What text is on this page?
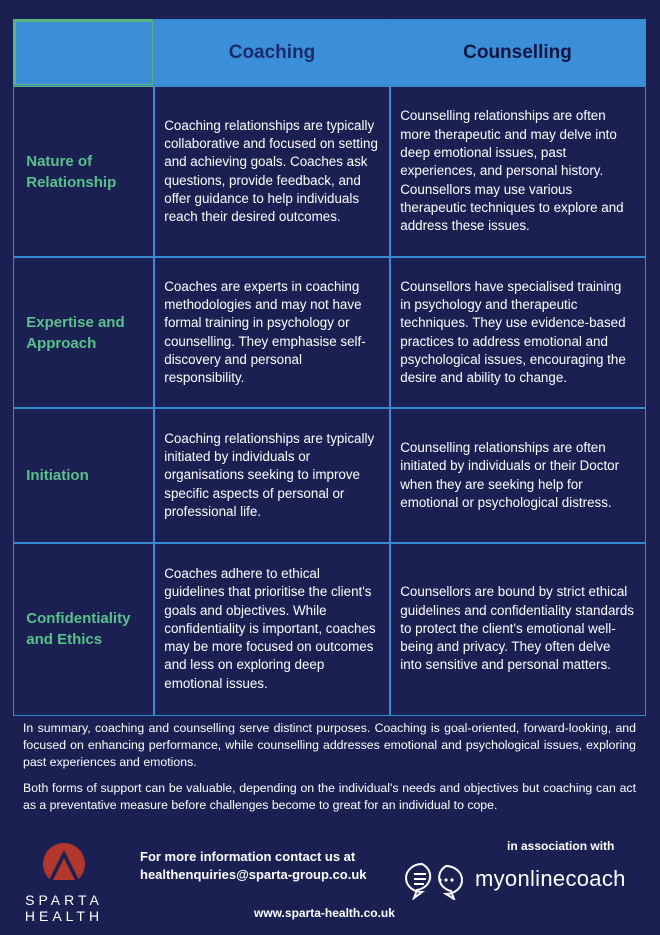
Coaching	Counselling
Nature of Relationship
Coaching relationships are typically collaborative and focused on setting and achieving goals. Coaches ask questions, provide feedback, and offer guidance to help individuals reach their desired outcomes.
Counselling relationships are often more therapeutic and may delve into deep emotional issues, past experiences, and personal history. Counsellors may use various therapeutic techniques to explore and address these issues.
Expertise and Approach
Coaches are experts in coaching methodologies and may not have formal training in psychology or counselling. They emphasise self-discovery and personal responsibility.
Counsellors have specialised training in psychology and therapeutic techniques. They use evidence-based practices to address emotional and psychological issues, encouraging the desire and ability to change.
Initiation
Coaching relationships are typically initiated by individuals or organisations seeking to improve specific aspects of personal or professional life.
Counselling relationships are often initiated by individuals or their Doctor when they are seeking help for emotional or psychological distress.
Confidentiality and Ethics
Coaches adhere to ethical guidelines that prioritise the client's goals and objectives. While confidentiality is important, coaches may be more focused on outcomes and less on exploring deep emotional issues.
Counsellors are bound by strict ethical guidelines and confidentiality standards to protect the client's emotional well-being and privacy. They often delve into sensitive and personal matters.

In summary, coaching and counselling serve distinct purposes. Coaching is goal-oriented, forward-looking, and focused on enhancing performance, while counselling addresses emotional and psychological issues, exploring past experiences and emotions.

Both forms of support can be valuable, depending on the individual's needs and objectives but coaching can act as a preventative measure before challenges become to great for an individual to cope.

SPARTA
HEALTH
For more information contact us at
healthenquiries@sparta-group.co.uk
www.sparta-health.co.uk
in association with
myonlinecoach
